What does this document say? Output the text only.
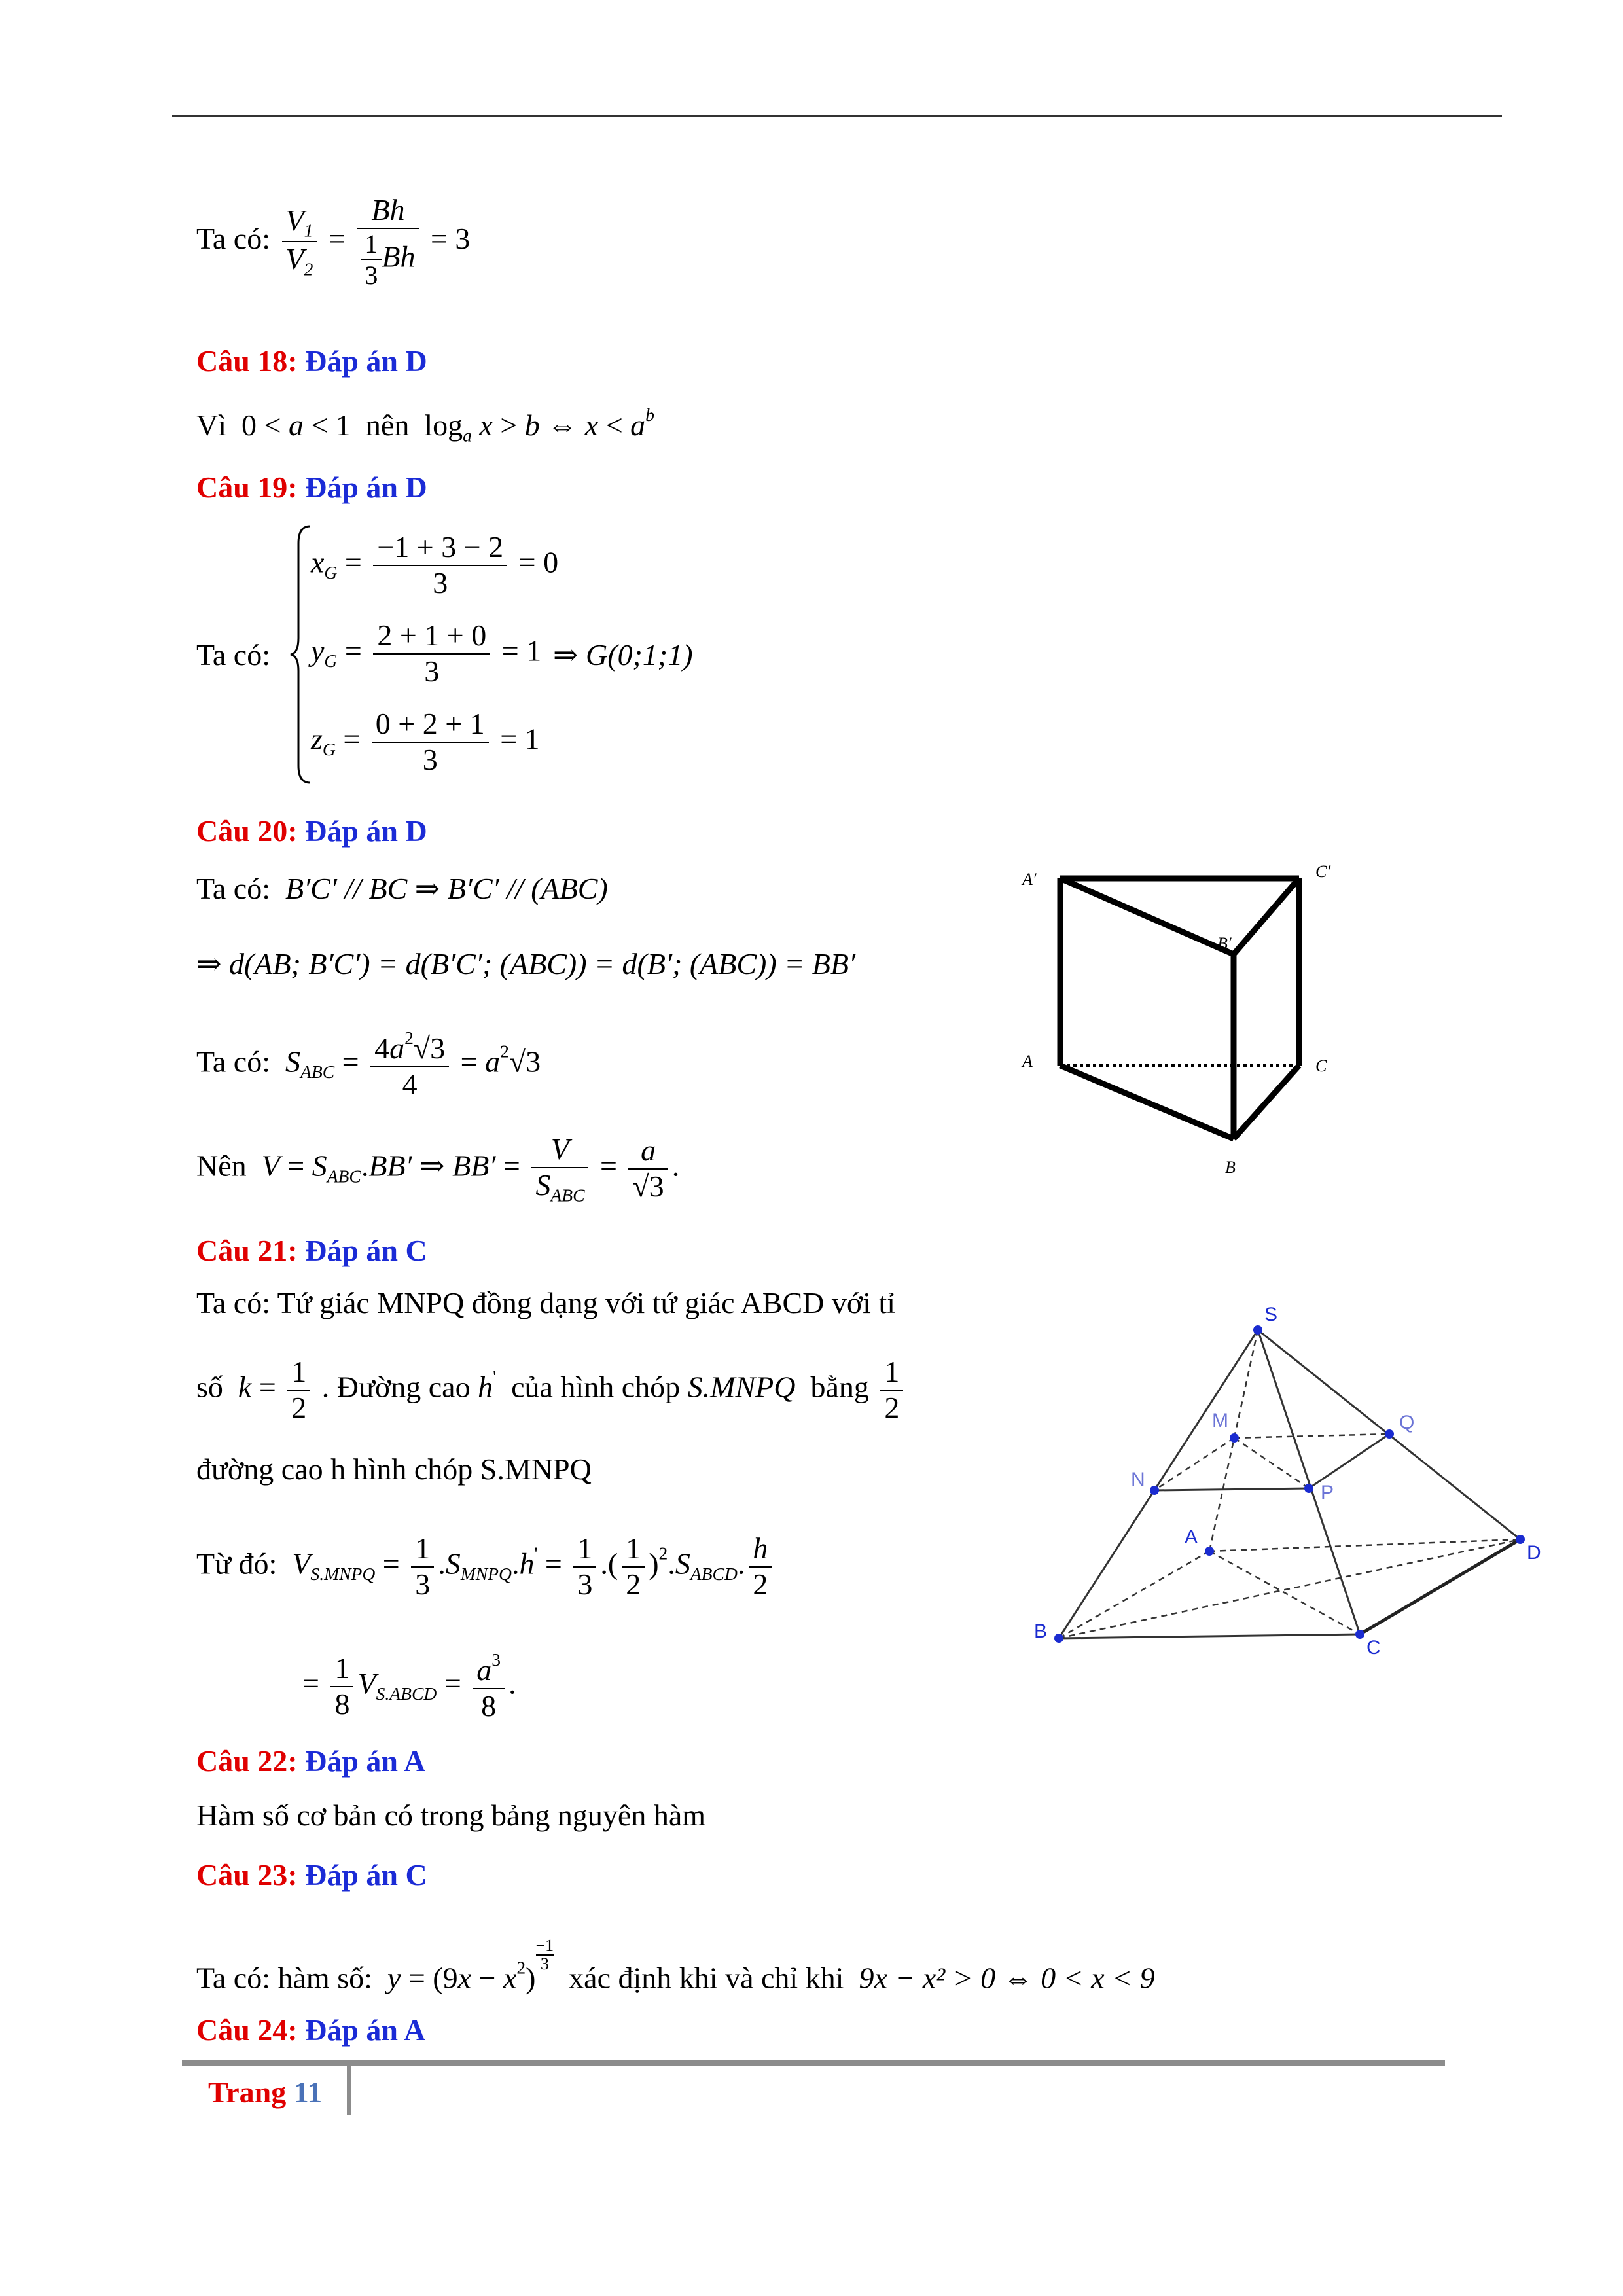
Ta có: $\frac{V_1}{V_2} = \frac{Bh}{\frac{1}{3} Bh} = 3$
Câu 18: Đáp án D
Vì  0 < a < 1  nên  $\log_a x > b$ ⇔ $x < a^b$
Câu 19: Đáp án D
Ta có:
$x_G = \frac{-1 + 3 - 2}{3} = 0$
$y_G = \frac{2 + 1 + 0}{3} = 1$ ⇒ G(0;1;1)
$z_G = \frac{0 + 2 + 1}{3} = 1$
Câu 20: Đáp án D
Ta có: B′C′ // BC ⇒ B′C′ // (ABC)
⇒ d(AB; B′C′) = d(B′C′; (ABC)) = d(B′; (ABC)) = BB′
Ta có: $S_{ABC} = \frac{4a^2√3}{4} = a^2√3$
Nên $V = S_{ABC}.BB'$ ⇒ $BB' = \frac{V}{S_{ABC}} = \frac{a}{√3}$ .
A′	C′
B′
A	C
B
Câu 21: Đáp án C
Ta có: Tứ giác MNPQ đồng dạng với tứ giác ABCD với tỉ
số $k = \frac{1}{2}$ . Đường cao h' của hình chóp S.MNPQ bằng $\frac{1}{2}$
đường cao h hình chóp S.MNPQ
Từ đó: $V_{S.MNPQ} = \frac{1}{3} .S_{MNPQ}.h' = \frac{1}{3}$ .( $\frac{1}{2} )^2.S_{ABCD}$. $\frac{h}{2}$
= $\frac{1}{8} V_{S.ABCD} = \frac{a^3}{8}$ .
S
M	Q
N
P
A
D
B
C
Câu 22: Đáp án A
Hàm số cơ bản có trong bảng nguyên hàm
Câu 23: Đáp án C
Ta có: hàm số: $y = (9x - x^2)$
$\frac{-1}{3}$
xác định khi và chỉ khi 9x − x² > 0 ⇔ 0 < x < 9
Câu 24: Đáp án A
Trang 11
